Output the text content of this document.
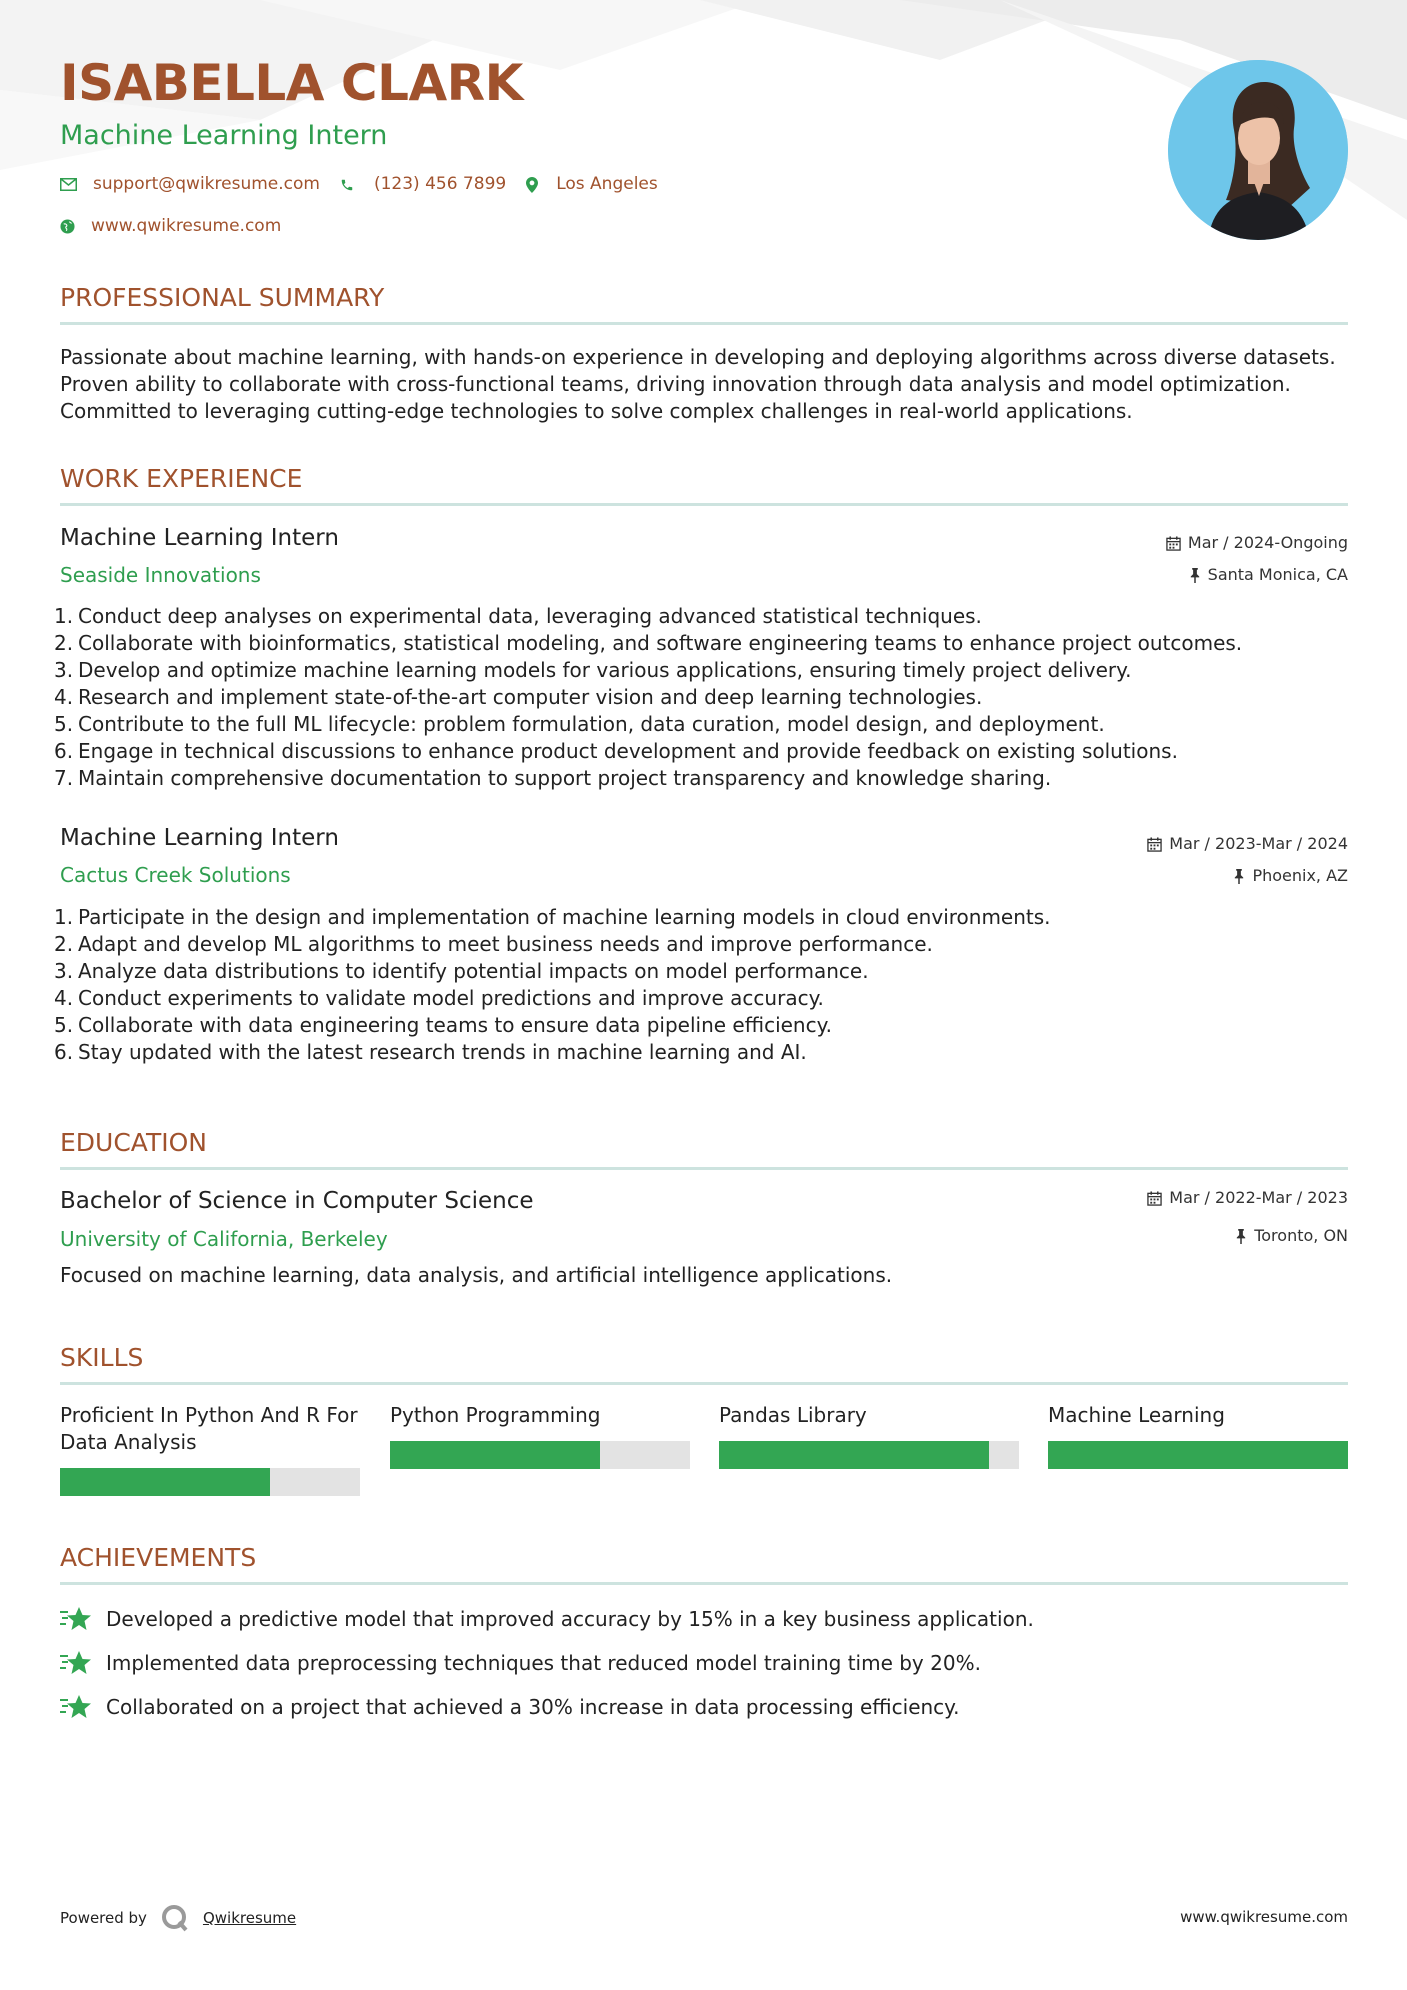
ISABELLA CLARK
Machine Learning Intern
support@qwikresume.com	(123) 456 7899	Los Angeles
www.qwikresume.com
PROFESSIONAL SUMMARY
Passionate about machine learning, with hands-on experience in developing and deploying algorithms across diverse datasets. Proven ability to collaborate with cross-functional teams, driving innovation through data analysis and model optimization. Committed to leveraging cutting-edge technologies to solve complex challenges in real-world applications.
WORK EXPERIENCE
Machine Learning Intern
Seaside Innovations
Mar / 2024-Ongoing
Santa Monica, CA
1. Conduct deep analyses on experimental data, leveraging advanced statistical techniques.
2. Collaborate with bioinformatics, statistical modeling, and software engineering teams to enhance project outcomes.
3. Develop and optimize machine learning models for various applications, ensuring timely project delivery.
4. Research and implement state-of-the-art computer vision and deep learning technologies.
5. Contribute to the full ML lifecycle: problem formulation, data curation, model design, and deployment.
6. Engage in technical discussions to enhance product development and provide feedback on existing solutions.
7. Maintain comprehensive documentation to support project transparency and knowledge sharing.
Machine Learning Intern
Cactus Creek Solutions
Mar / 2023-Mar / 2024
Phoenix, AZ
1. Participate in the design and implementation of machine learning models in cloud environments.
2. Adapt and develop ML algorithms to meet business needs and improve performance.
3. Analyze data distributions to identify potential impacts on model performance.
4. Conduct experiments to validate model predictions and improve accuracy.
5. Collaborate with data engineering teams to ensure data pipeline efficiency.
6. Stay updated with the latest research trends in machine learning and AI.
EDUCATION
Bachelor of Science in Computer Science
University of California, Berkeley
Mar / 2022-Mar / 2023
Toronto, ON
Focused on machine learning, data analysis, and artificial intelligence applications.
SKILLS
Proficient In Python And R For Data Analysis
Python Programming	Pandas Library	Machine Learning
ACHIEVEMENTS
Developed a predictive model that improved accuracy by 15% in a key business application.
Implemented data preprocessing techniques that reduced model training time by 20%.
Collaborated on a project that achieved a 30% increase in data processing efficiency.
Powered by	Qwikresume	www.qwikresume.com
